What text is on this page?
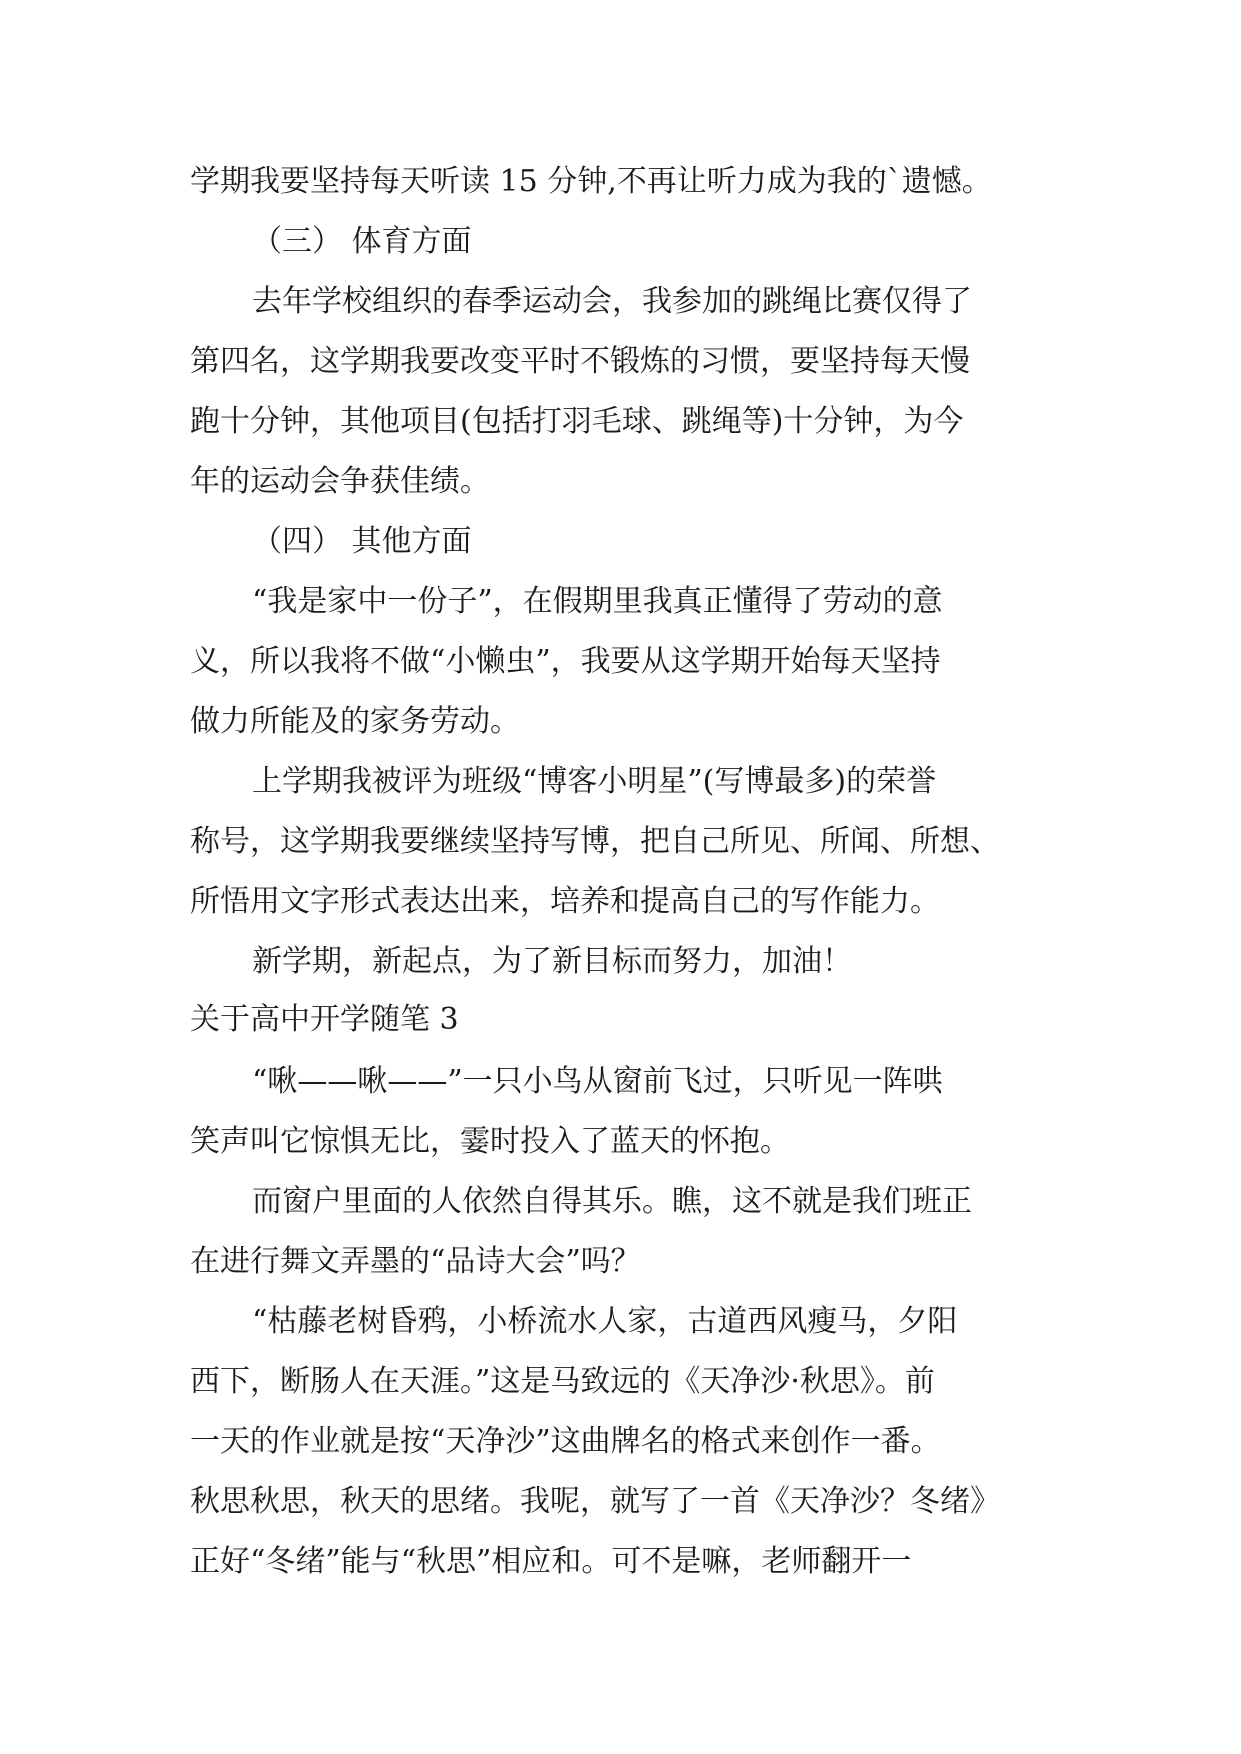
学期我要坚持每天听读 15 分钟,不再让听力成为我的`遗憾。
（三） 体育方面
去年学校组织的春季运动会，我参加的跳绳比赛仅得了
第四名，这学期我要改变平时不锻炼的习惯，要坚持每天慢
跑十分钟，其他项目(包括打羽毛球、跳绳等)十分钟，为今
年的运动会争获佳绩。
（四） 其他方面
“我是家中一份子”，在假期里我真正懂得了劳动的意
义，所以我将不做“小懒虫”，我要从这学期开始每天坚持
做力所能及的家务劳动。
上学期我被评为班级“博客小明星”(写博最多)的荣誉
称号，这学期我要继续坚持写博，把自己所见、所闻、所想、
所悟用文字形式表达出来，培养和提高自己的写作能力。
新学期，新起点，为了新目标而努力，加油！
关于高中开学随笔 3
“啾——啾——”一只小鸟从窗前飞过，只听见一阵哄
笑声叫它惊惧无比，霎时投入了蓝天的怀抱。
而窗户里面的人依然自得其乐。瞧，这不就是我们班正
在进行舞文弄墨的“品诗大会”吗？
“枯藤老树昏鸦，小桥流水人家，古道西风瘦马，夕阳
西下，断肠人在天涯。”这是马致远的《天净沙·秋思》。前
一天的作业就是按“天净沙”这曲牌名的格式来创作一番。
秋思秋思，秋天的思绪。我呢，就写了一首《天净沙？冬绪》
正好“冬绪”能与“秋思”相应和。可不是嘛，老师翻开一
